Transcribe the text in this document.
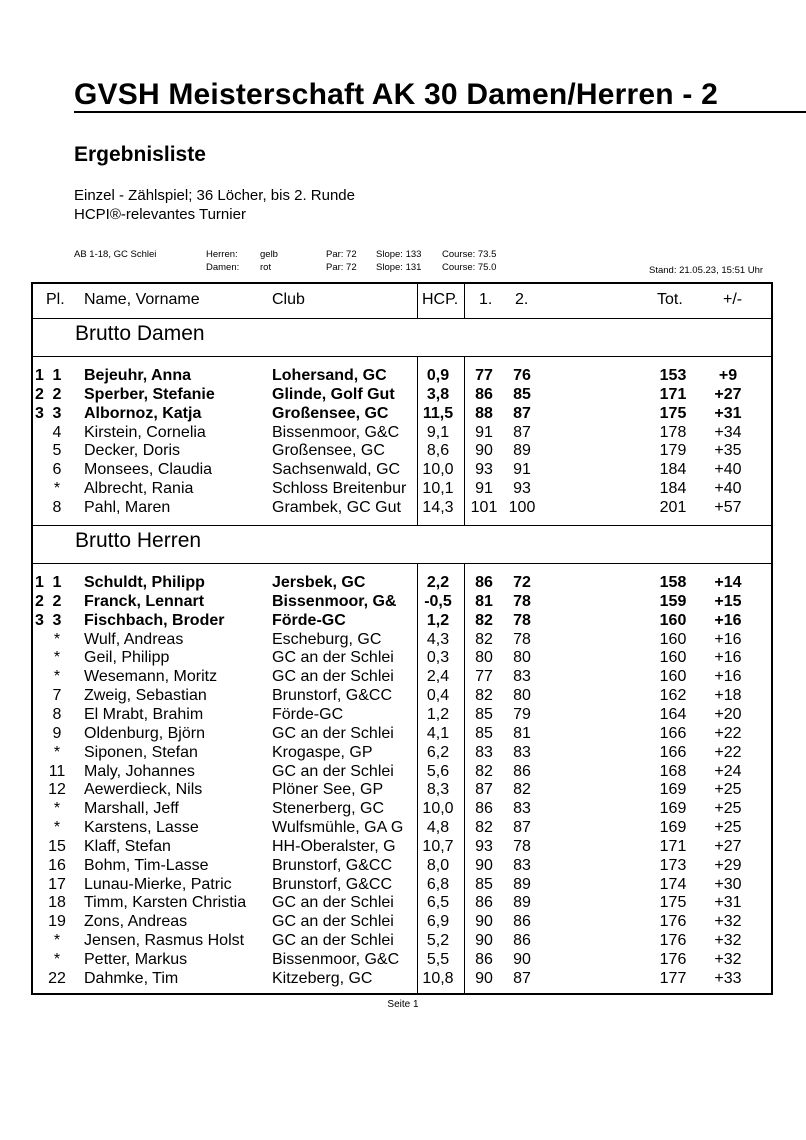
GVSH Meisterschaft AK 30 Damen/Herren - 2
Ergebnisliste
Einzel - Zählspiel; 36 Löcher, bis 2. Runde
HCPI®-relevantes Turnier
AB 1-18, GC Schlei	Herren: gelb	Par: 72 Slope: 133 Course: 73.5
Damen: rot	Par: 72 Slope: 131 Course: 75.0	Stand: 21.05.23, 15:51 Uhr
Pl. Name, Vorname	Club	HCP. 1. 2.	Tot.	+/-
Brutto Damen
1 1	Bejeuhr, Anna	Lohersand, GC	0,9	77	76	153	+9
2 2	Sperber, Stefanie	Glinde, Golf Gut	3,8	86	85	171	+27
3 3	Albornoz, Katja	Großensee, GC	11,5	88	87	175	+31
4	Kirstein, Cornelia	Bissenmoor, G&C	9,1	91	87	178	+34
5	Decker, Doris	Großensee, GC	8,6	90	89	179	+35
6	Monsees, Claudia	Sachsenwald, GC	10,0	93	91	184	+40
*	Albrecht, Rania	Schloss Breitenbur	10,1	91	93	184	+40
8	Pahl, Maren	Grambek, GC Gut	14,3	101 100	201	+57
Brutto Herren
1 1	Schuldt, Philipp	Jersbek, GC	2,2	86	72	158	+14
2 2	Franck, Lennart	Bissenmoor, G&	-0,5	81	78	159	+15
3 3	Fischbach, Broder	Förde-GC	1,2	82	78	160	+16
*	Wulf, Andreas	Escheburg, GC	4,3	82	78	160	+16
*	Geil, Philipp	GC an der Schlei	0,3	80	80	160	+16
*	Wesemann, Moritz	GC an der Schlei	2,4	77	83	160	+16
7	Zweig, Sebastian	Brunstorf, G&CC	0,4	82	80	162	+18
8	El Mrabt, Brahim	Förde-GC	1,2	85	79	164	+20
9	Oldenburg, Björn	GC an der Schlei	4,1	85	81	166	+22
*	Siponen, Stefan	Krogaspe, GP	6,2	83	83	166	+22
11 Maly, Johannes	GC an der Schlei	5,6	82	86	168	+24
12 Aewerdieck, Nils	Plöner See, GP	8,3	87	82	169	+25
*	Marshall, Jeff	Stenerberg, GC	10,0	86	83	169	+25
*	Karstens, Lasse	Wulfsmühle, GA G	4,8	82	87	169	+25
15 Klaff, Stefan	HH-Oberalster, G	10,7	93	78	171	+27
16 Bohm, Tim-Lasse	Brunstorf, G&CC	8,0	90	83	173	+29
17 Lunau-Mierke, Patric	Brunstorf, G&CC	6,8	85	89	174	+30
18 Timm, Karsten Christia	GC an der Schlei	6,5	86	89	175	+31
19 Zons, Andreas	GC an der Schlei	6,9	90	86	176	+32
*	Jensen, Rasmus Holst	GC an der Schlei	5,2	90	86	176	+32
*	Petter, Markus	Bissenmoor, G&C	5,5	86	90	176	+32
22 Dahmke, Tim	Kitzeberg, GC	10,8	90	87	177	+33
Seite 1
